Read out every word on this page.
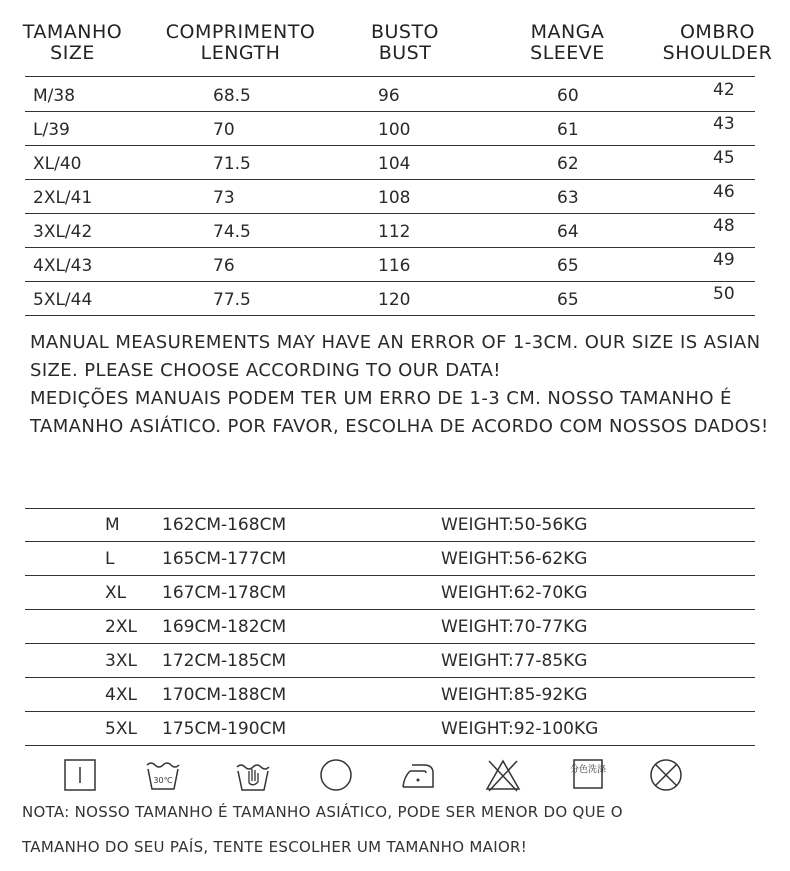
TAMANHO
SIZE
COMPRIMENTO
LENGTH
BUSTO
BUST
MANGA
SLEEVE
OMBRO
SHOULDER
M/38	68.5	96	60	42
L/39	70	100	61	43
XL/40	71.5	104	62	45
2XL/41	73	108	63	46
3XL/42	74.5	112	64	48
4XL/43	76	116	65	49
5XL/44	77.5	120	65	50

MANUAL MEASUREMENTS MAY HAVE AN ERROR OF 1-3CM. OUR SIZE IS ASIAN SIZE. PLEASE CHOOSE ACCORDING TO OUR DATA!

MEDIÇÕES MANUAIS PODEM TER UM ERRO DE 1-3 CM. NOSSO TAMANHO É TAMANHO ASIÁTICO. POR FAVOR, ESCOLHA DE ACORDO COM NOSSOS DADOS!

M 162CM-168CM	WEIGHT:50-56KG
L	165CM-177CM	WEIGHT:56-62KG
XL 167CM-178CM	WEIGHT:62-70KG
2XL 169CM-182CM	WEIGHT:70-77KG
3XL 172CM-185CM	WEIGHT:77-85KG
4XL 170CM-188CM	WEIGHT:85-92KG
5XL 175CM-190CM	WEIGHT:92-100KG
30℃
分色洗涤
NOTA: NOSSO TAMANHO É TAMANHO ASIÁTICO, PODE SER MENOR DO QUE O
TAMANHO DO SEU PAÍS, TENTE ESCOLHER UM TAMANHO MAIOR!
